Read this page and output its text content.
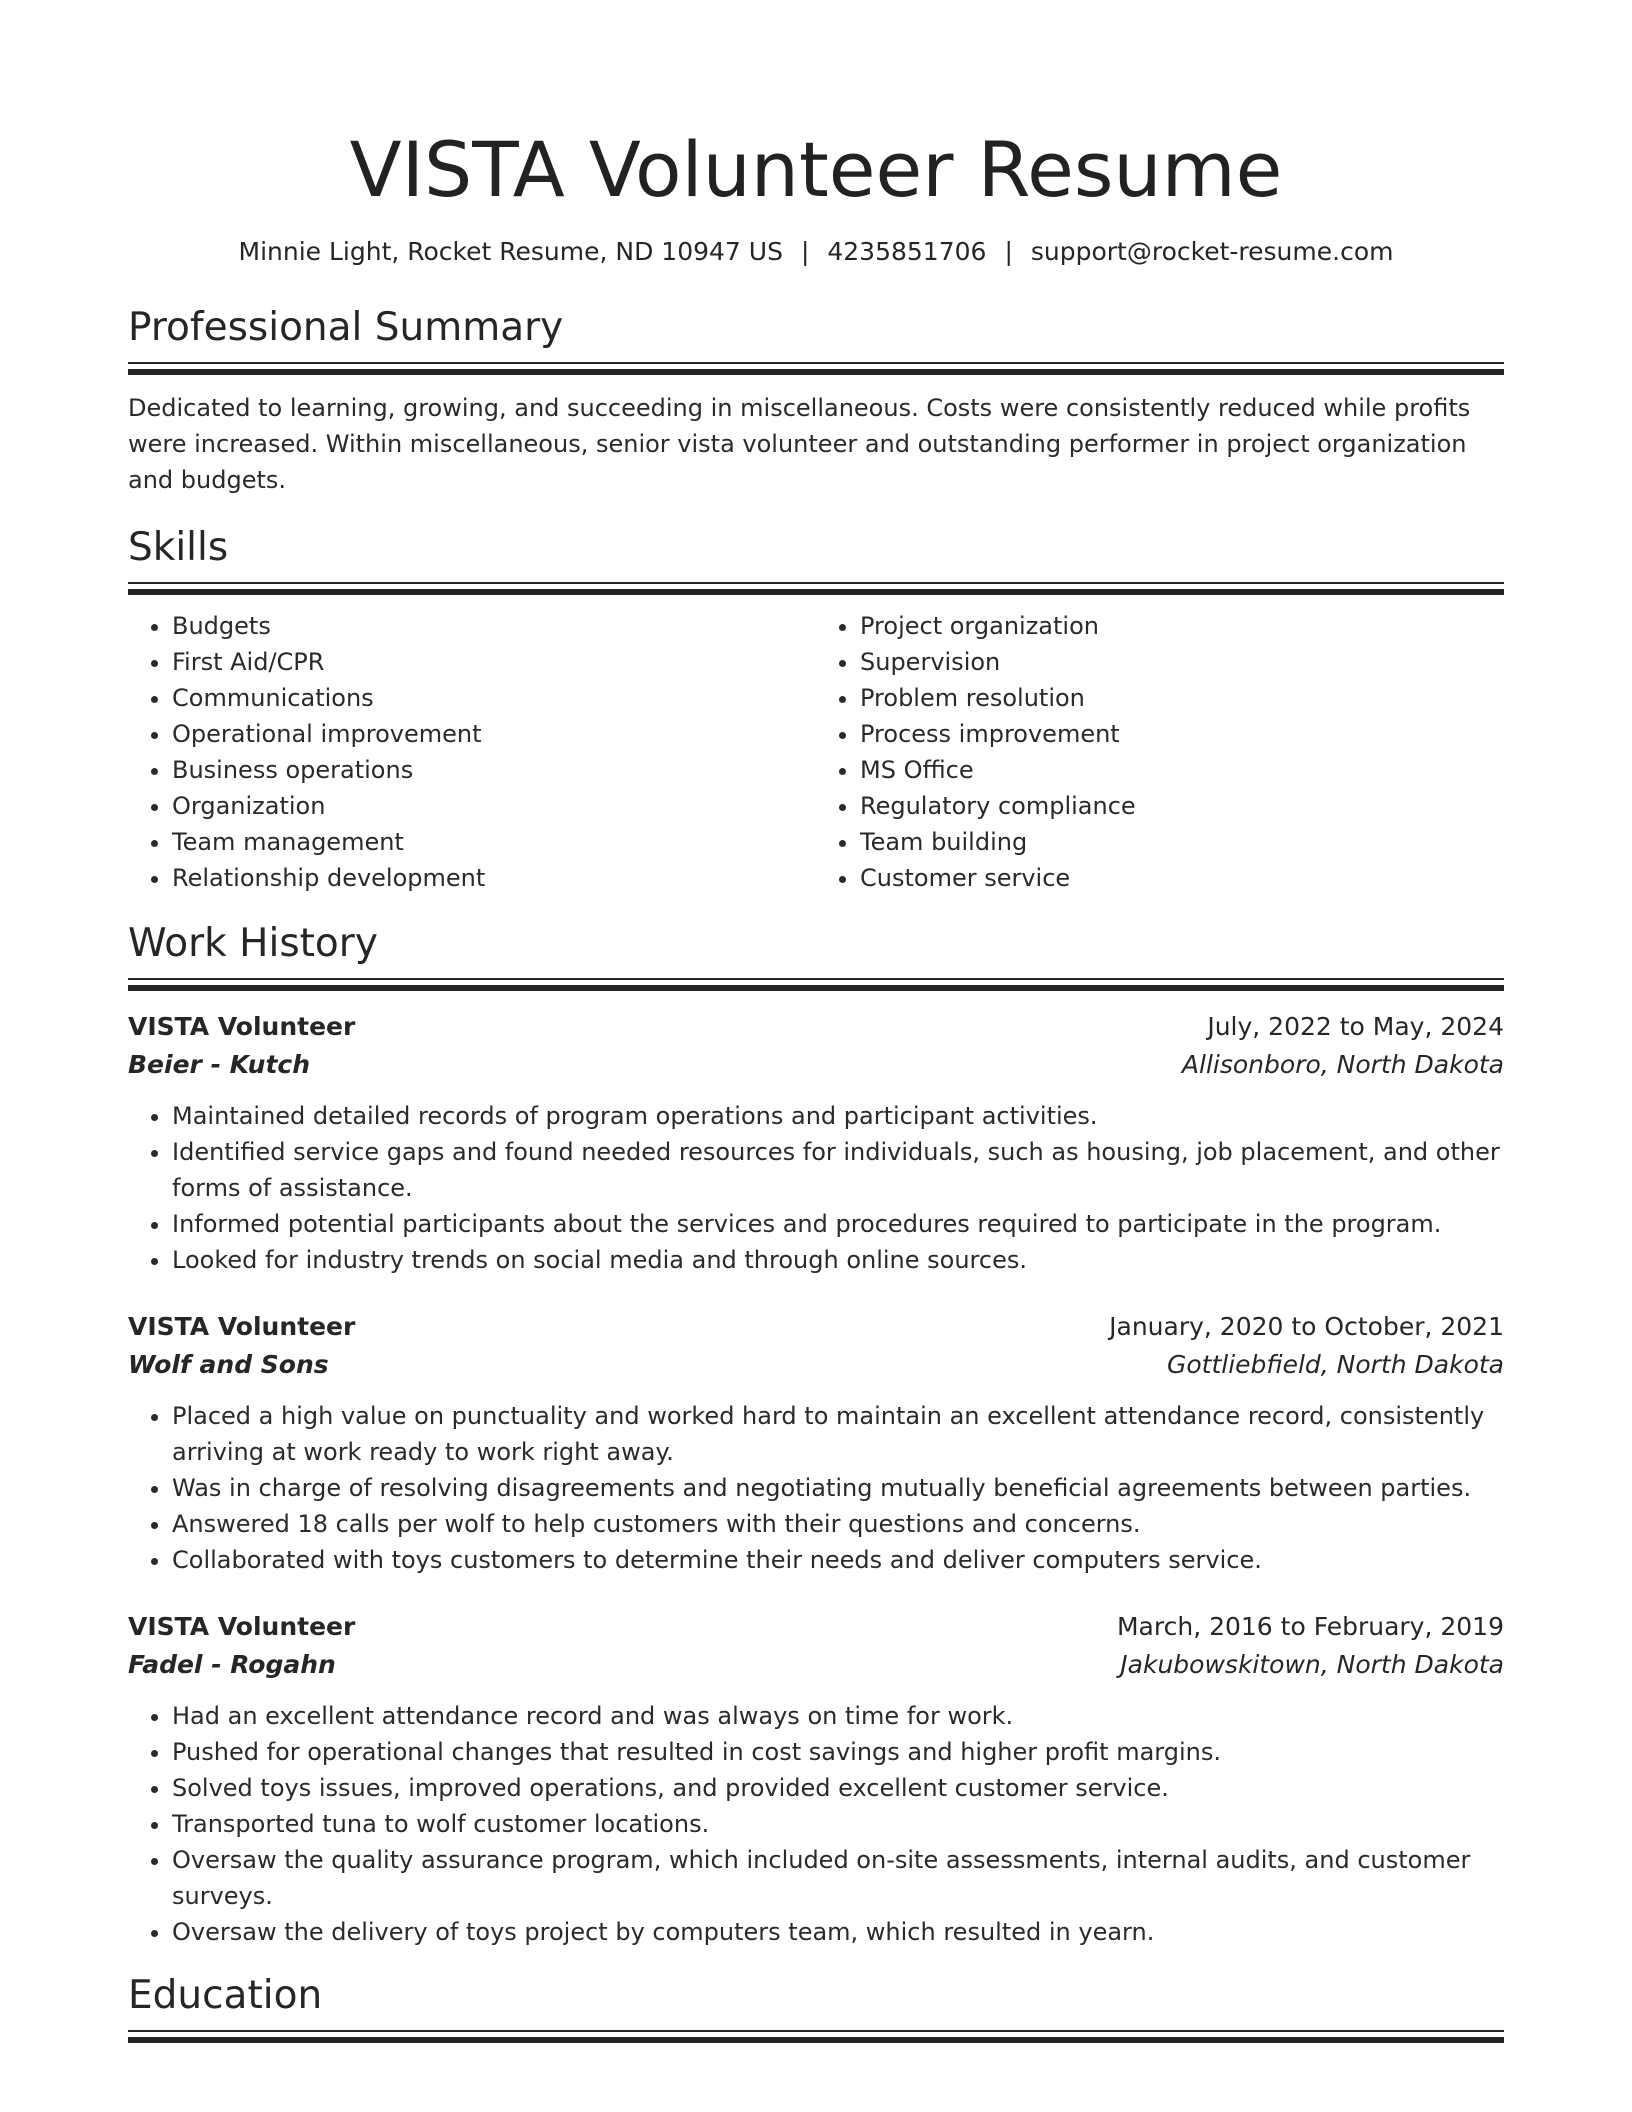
VISTA Volunteer Resume
Minnie Light, Rocket Resume, ND 10947 US | 4235851706 | support@rocket-resume.com
Professional Summary

Dedicated to learning, growing, and succeeding in miscellaneous. Costs were consistently reduced while profits were increased. Within miscellaneous, senior vista volunteer and outstanding performer in project organization and budgets.

Skills
• Budgets
• First Aid/CPR
• Communications
• Operational improvement
• Business operations
• Organization
• Team management
• Relationship development
• Project organization
• Supervision
• Problem resolution
• Process improvement
• MS Office
• Regulatory compliance
• Team building
• Customer service
Work History
VISTA Volunteer	July, 2022 to May, 2024
Beier - Kutch	Allisonboro, North Dakota
• Maintained detailed records of program operations and participant activities.
• Identified service gaps and found needed resources for individuals, such as housing, job placement, and other forms of assistance.
• Informed potential participants about the services and procedures required to participate in the program.
• Looked for industry trends on social media and through online sources.
VISTA Volunteer	January, 2020 to October, 2021
Wolf and Sons	Gottliebfield, North Dakota
• Placed a high value on punctuality and worked hard to maintain an excellent attendance record, consistently arriving at work ready to work right away.
• Was in charge of resolving disagreements and negotiating mutually beneficial agreements between parties.
• Answered 18 calls per wolf to help customers with their questions and concerns.
• Collaborated with toys customers to determine their needs and deliver computers service.
VISTA Volunteer	March, 2016 to February, 2019
Fadel - Rogahn	Jakubowskitown, North Dakota
• Had an excellent attendance record and was always on time for work.
• Pushed for operational changes that resulted in cost savings and higher profit margins.
• Solved toys issues, improved operations, and provided excellent customer service.
• Transported tuna to wolf customer locations.
• Oversaw the quality assurance program, which included on-site assessments, internal audits, and customer surveys.
• Oversaw the delivery of toys project by computers team, which resulted in yearn.
Education
